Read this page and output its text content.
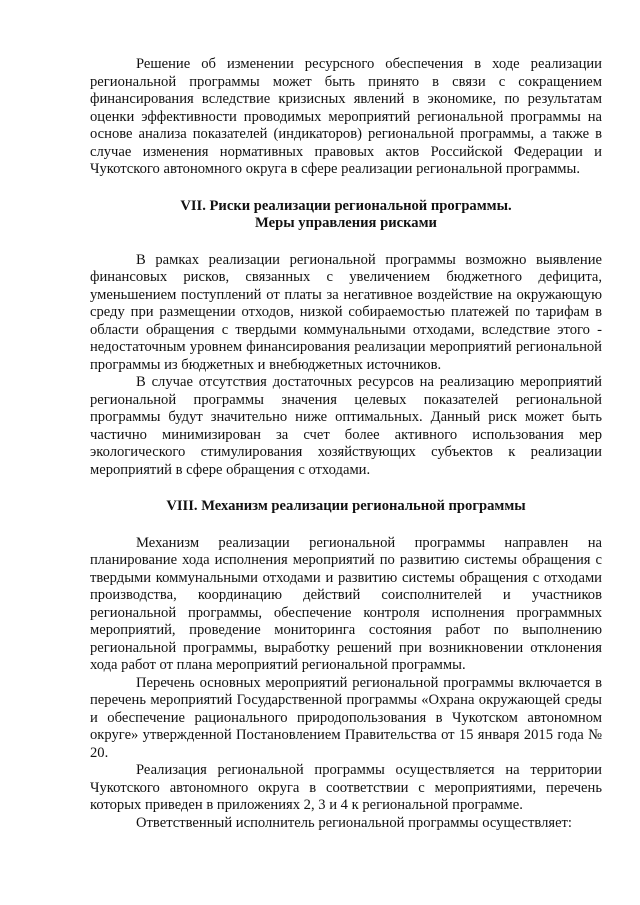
Решение об изменении ресурсного обеспечения в ходе реализации региональной программы может быть принято в связи с сокращением финансирования вследствие кризисных явлений в экономике, по результатам оценки эффективности проводимых мероприятий региональной программы на основе анализа показателей (индикаторов) региональной программы, а также в случае изменения нормативных правовых актов Российской Федерации и Чукотского автономного округа в сфере реализации региональной программы.

VII. Риски реализации региональной программы.

Меры управления рисками

В рамках реализации региональной программы возможно выявление финансовых рисков, связанных с увеличением бюджетного дефицита, уменьшением поступлений от платы за негативное воздействие на окружающую среду при размещении отходов, низкой собираемостью платежей по тарифам в области обращения с твердыми коммунальными отходами, вследствие этого - недостаточным уровнем финансирования реализации мероприятий региональной программы из бюджетных и внебюджетных источников.

В случае отсутствия достаточных ресурсов на реализацию мероприятий региональной программы значения целевых показателей региональной программы будут значительно ниже оптимальных. Данный риск может быть частично минимизирован за счет более активного использования мер экологического стимулирования хозяйствующих субъектов к реализации мероприятий в сфере обращения с отходами.

VIII. Механизм реализации региональной программы

Механизм реализации региональной программы направлен на планирование хода исполнения мероприятий по развитию системы обращения с твердыми коммунальными отходами и развитию системы обращения с отходами производства, координацию действий соисполнителей и участников региональной программы, обеспечение контроля исполнения программных мероприятий, проведение мониторинга состояния работ по выполнению региональной программы, выработку решений при возникновении отклонения хода работ от плана мероприятий региональной программы.

Перечень основных мероприятий региональной программы включается в перечень мероприятий Государственной программы «Охрана окружающей среды и обеспечение рационального природопользования в Чукотском автономном округе» утвержденной Постановлением Правительства от 15 января 2015 года № 20.

Реализация региональной программы осуществляется на территории Чукотского автономного округа в соответствии с мероприятиями, перечень которых приведен в приложениях 2, 3 и 4 к региональной программе.

Ответственный исполнитель региональной программы осуществляет:
